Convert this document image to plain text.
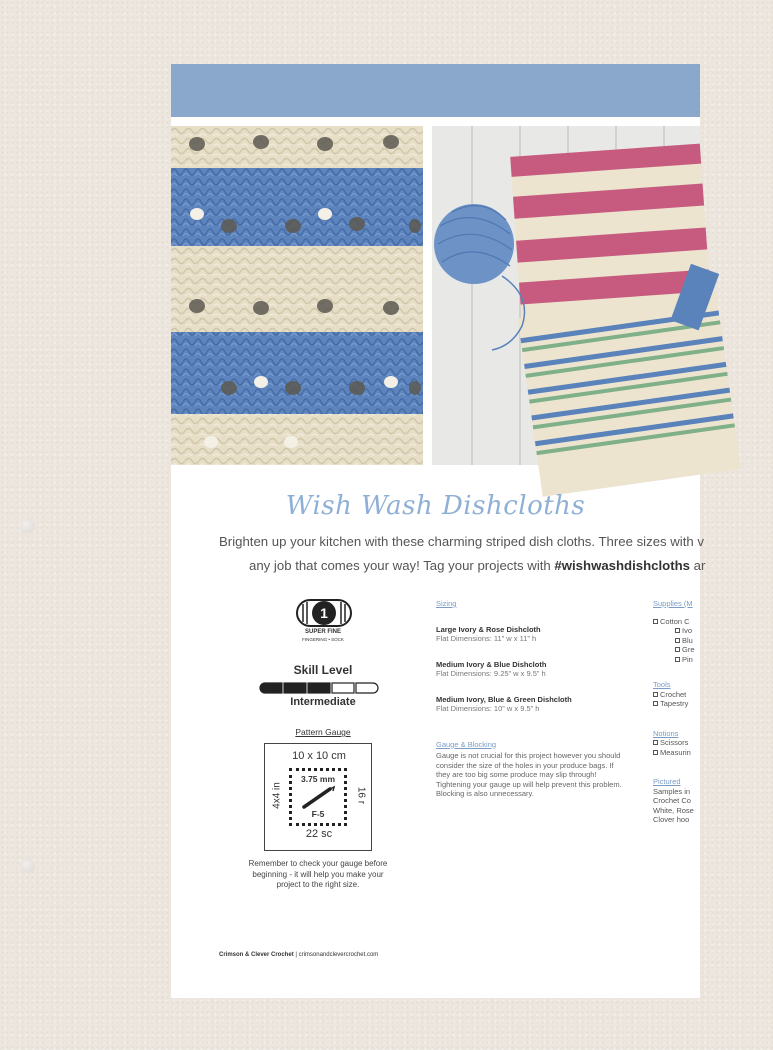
Wish Wash Dishcloths

Brighten up your kitchen with these charming striped dish cloths. Three sizes with v

any job that comes your way! Tag your projects with #wishwashdishcloths ar

1
SUPER FINE
FINGERING • SOCK
Skill Level
Intermediate
Pattern Gauge
10 x 10 cm
4x4 in	16 r
3.75 mm
F-5
22 sc
Remember to check your gauge before beginning - it will help you make your project to the right size.
Sizing
Large Ivory & Rose Dishcloth
Flat Dimensions: 11” w x 11” h
Medium Ivory & Blue Dishcloth
Flat Dimensions: 9.25” w x 9.5” h
Medium Ivory, Blue & Green Dishcloth
Flat Dimensions: 10” w x 9.5” h
Gauge & Blocking
Gauge is not crucial for this project however you should consider the size of the holes in your produce bags. If they are too big some produce may slip through! Tightening your gauge up will help prevent this problem. Blocking is also unnecessary.
Supplies (M
Cotton C
Ivo
Blu
Gre
Pin
Tools
Crochet
Tapestry
Notions
Scissors
Measurin
Pictured
Samples in
Crochet Co
White, Rose
Clover hoo
Crimson & Clever Crochet | crimsonandclevercrochet.com
